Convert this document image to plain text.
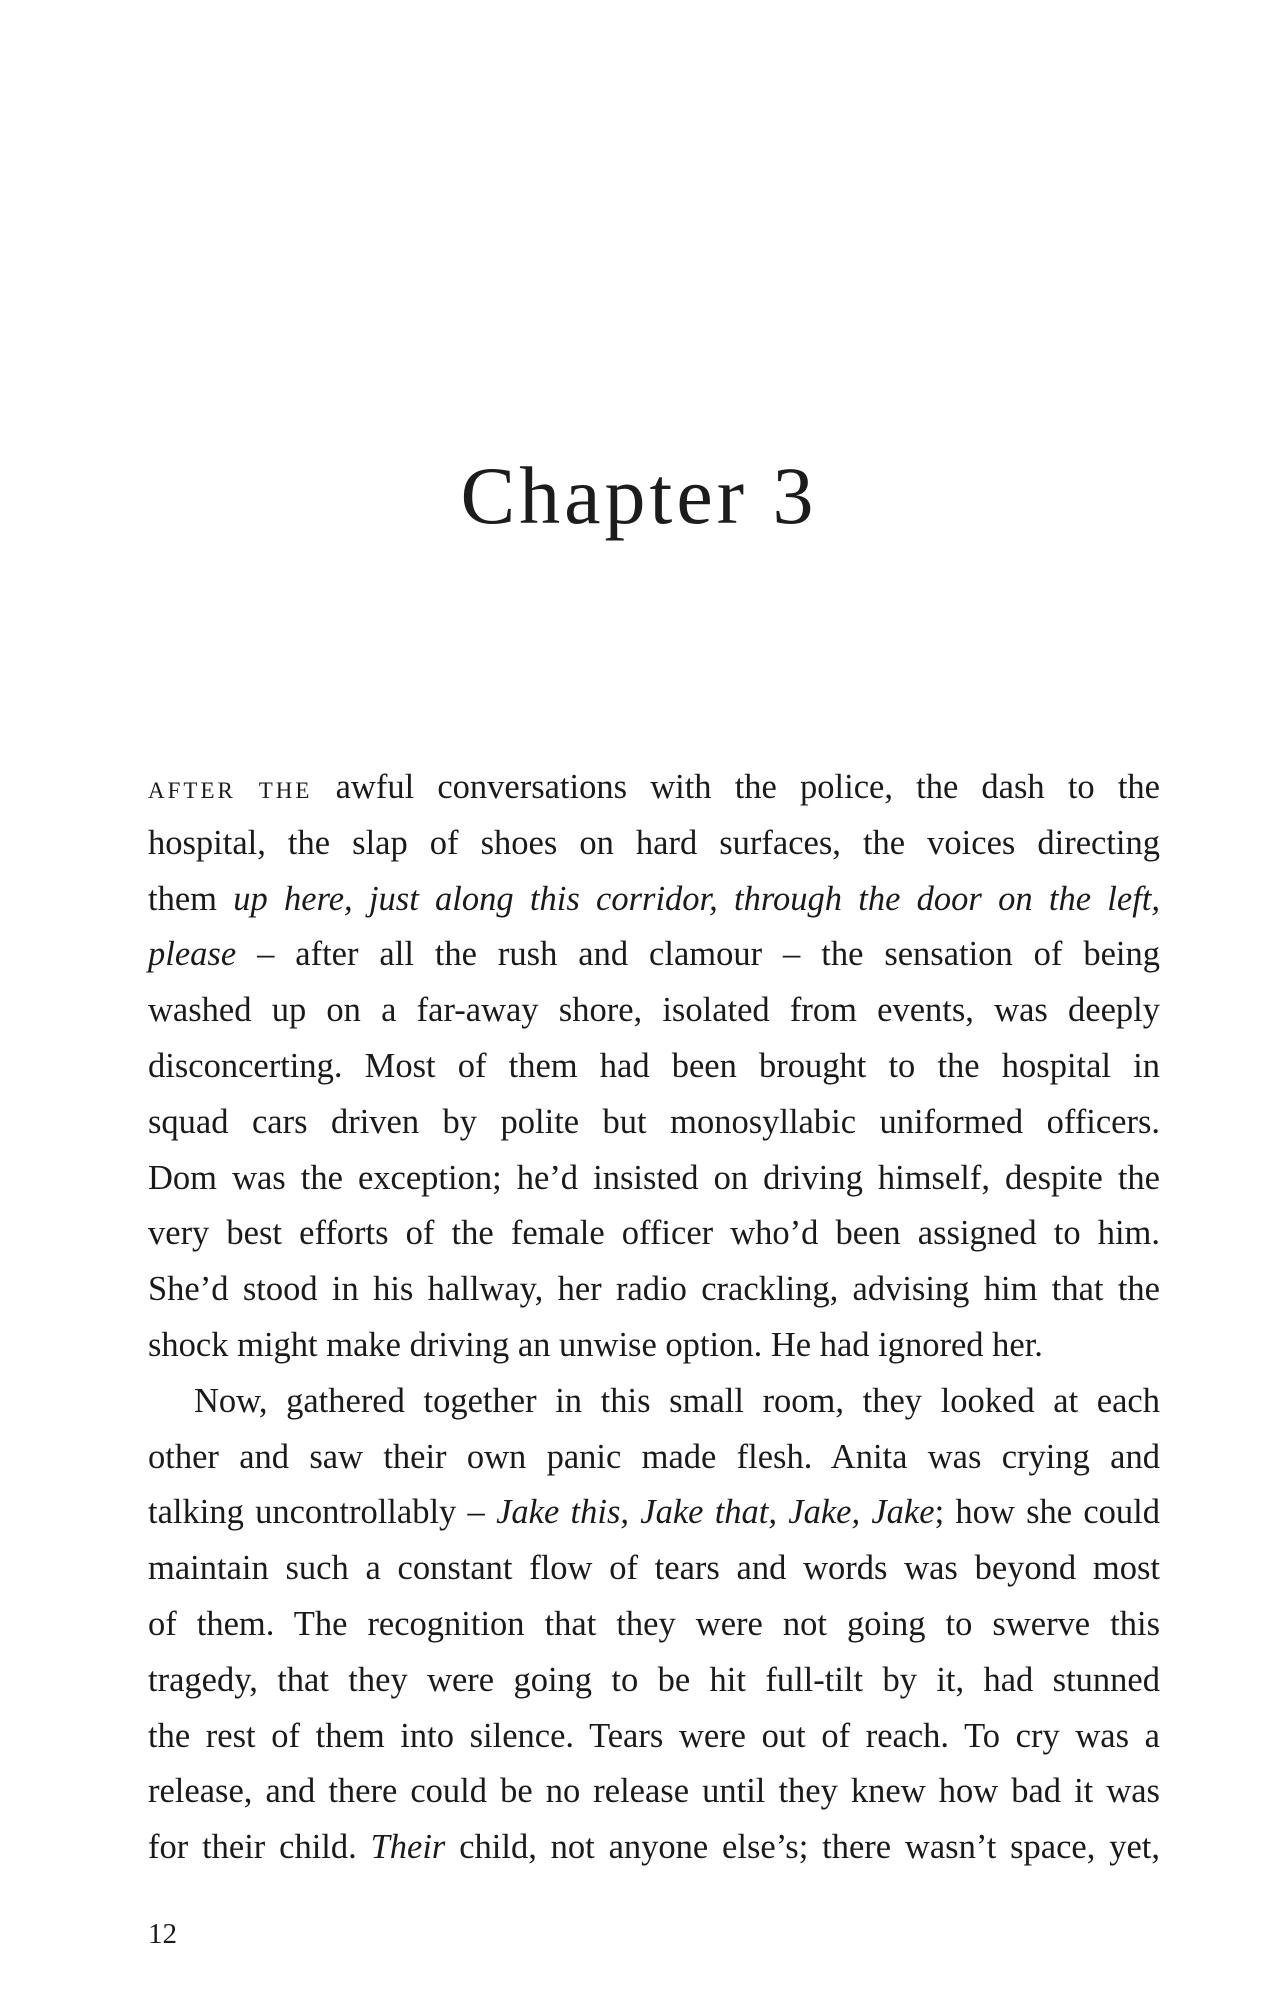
Chapter 3
AFTER THE awful conversations with the police, the dash to the
hospital, the slap of shoes on hard surfaces, the voices directing
them up here, just along this corridor, through the door on the left,
please – after all the rush and clamour – the sensation of being
washed up on a far-away shore, isolated from events, was deeply
disconcerting. Most of them had been brought to the hospital in
squad cars driven by polite but monosyllabic uniformed officers.
Dom was the exception; he’d insisted on driving himself, despite the
very best efforts of the female officer who’d been assigned to him.
She’d stood in his hallway, her radio crackling, advising him that the
shock might make driving an unwise option. He had ignored her.
Now, gathered together in this small room, they looked at each
other and saw their own panic made flesh. Anita was crying and
talking uncontrollably – Jake this, Jake that, Jake, Jake; how she could
maintain such a constant flow of tears and words was beyond most
of them. The recognition that they were not going to swerve this
tragedy, that they were going to be hit full-tilt by it, had stunned
the rest of them into silence. Tears were out of reach. To cry was a
release, and there could be no release until they knew how bad it was
for their child. Their child, not anyone else’s; there wasn’t space, yet,
12
